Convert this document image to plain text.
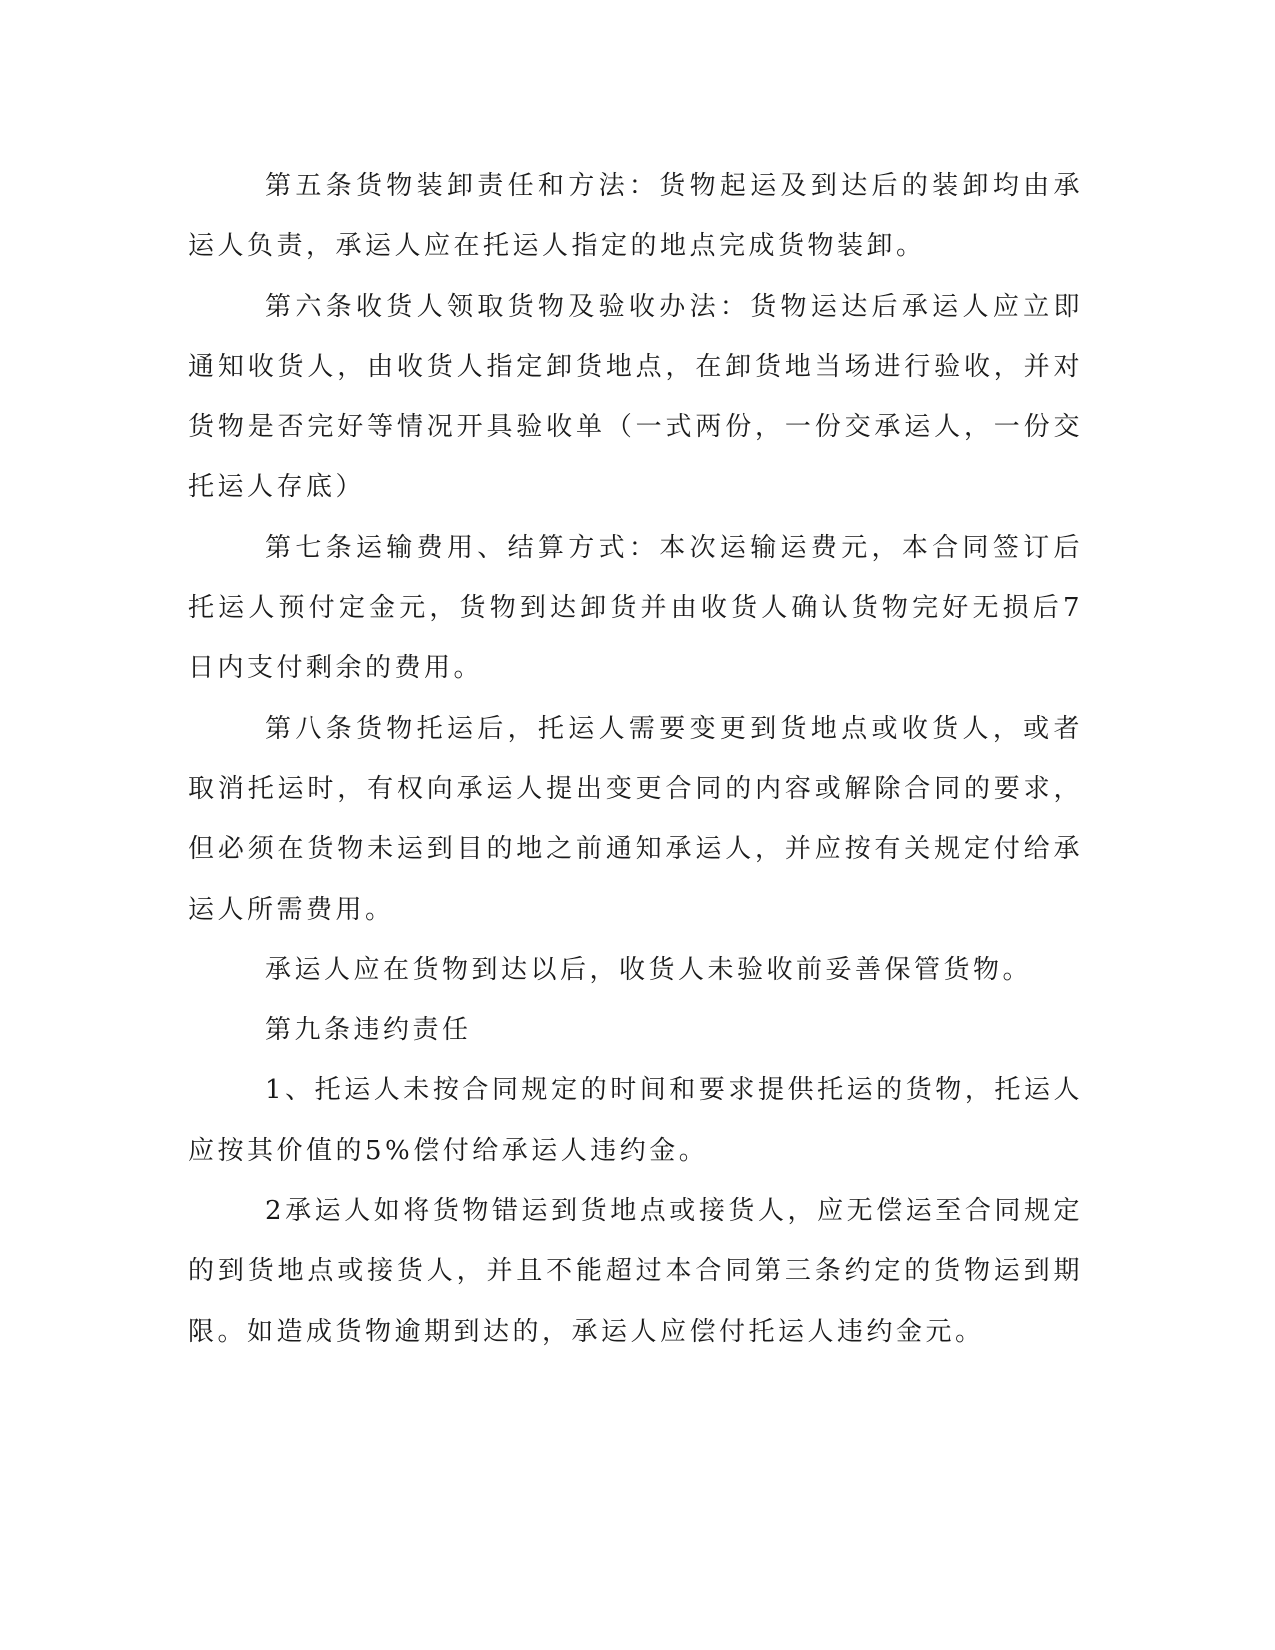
第五条货物装卸责任和方法：货物起运及到达后的装卸均由承运人负责，承运人应在托运人指定的地点完成货物装卸。

第六条收货人领取货物及验收办法：货物运达后承运人应立即通知收货人，由收货人指定卸货地点，在卸货地当场进行验收，并对货物是否完好等情况开具验收单（一式两份，一份交承运人，一份交托运人存底）

第七条运输费用、结算方式：本次运输运费元，本合同签订后托运人预付定金元，货物到达卸货并由收货人确认货物完好无损后7日内支付剩余的费用。

第八条货物托运后，托运人需要变更到货地点或收货人，或者取消托运时，有权向承运人提出变更合同的内容或解除合同的要求，但必须在货物未运到目的地之前通知承运人，并应按有关规定付给承运人所需费用。

承运人应在货物到达以后，收货人未验收前妥善保管货物。

第九条违约责任

1、托运人未按合同规定的时间和要求提供托运的货物，托运人应按其价值的5%偿付给承运人违约金。

2承运人如将货物错运到货地点或接货人，应无偿运至合同规定的到货地点或接货人，并且不能超过本合同第三条约定的货物运到期限。如造成货物逾期到达的，承运人应偿付托运人违约金元。
